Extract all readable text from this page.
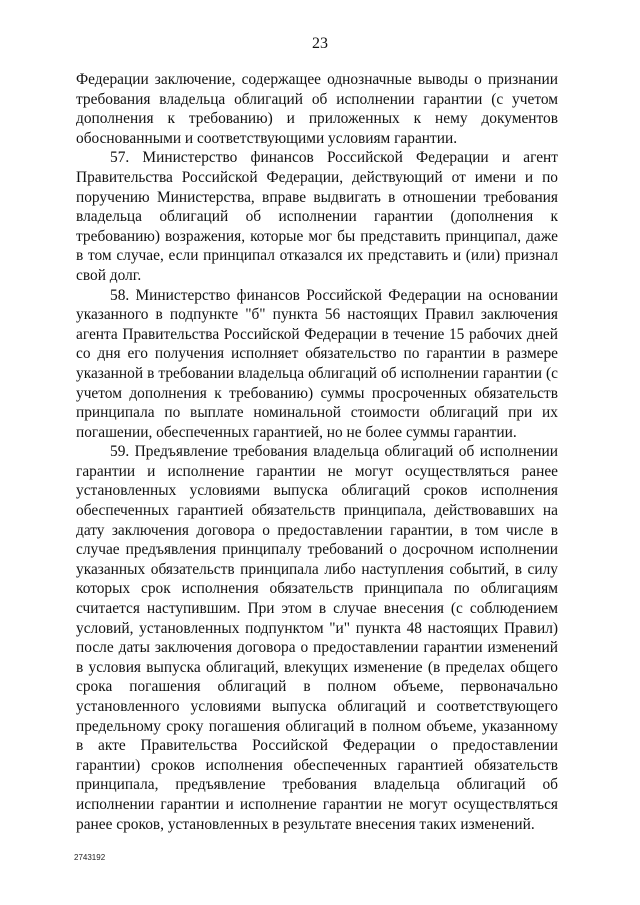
23

Федерации заключение, содержащее однозначные выводы о признании требования владельца облигаций об исполнении гарантии (с учетом дополнения к требованию) и приложенных к нему документов обоснованными и соответствующими условиям гарантии.

57. Министерство финансов Российской Федерации и агент Правительства Российской Федерации, действующий от имени и по поручению Министерства, вправе выдвигать в отношении требования владельца облигаций об исполнении гарантии (дополнения к требованию) возражения, которые мог бы представить принципал, даже в том случае, если принципал отказался их представить и (или) признал свой долг.

58. Министерство финансов Российской Федерации на основании указанного в подпункте "б" пункта 56 настоящих Правил заключения агента Правительства Российской Федерации в течение 15 рабочих дней со дня его получения исполняет обязательство по гарантии в размере указанной в требовании владельца облигаций об исполнении гарантии (с учетом дополнения к требованию) суммы просроченных обязательств принципала по выплате номинальной стоимости облигаций при их погашении, обеспеченных гарантией, но не более суммы гарантии.

59. Предъявление требования владельца облигаций об исполнении гарантии и исполнение гарантии не могут осуществляться ранее установленных условиями выпуска облигаций сроков исполнения обеспеченных гарантией обязательств принципала, действовавших на дату заключения договора о предоставлении гарантии, в том числе в случае предъявления принципалу требований о досрочном исполнении указанных обязательств принципала либо наступления событий, в силу которых срок исполнения обязательств принципала по облигациям считается наступившим. При этом в случае внесения (с соблюдением условий, установленных подпунктом "и" пункта 48 настоящих Правил) после даты заключения договора о предоставлении гарантии изменений в условия выпуска облигаций, влекущих изменение (в пределах общего срока погашения облигаций в полном объеме, первоначально установленного условиями выпуска облигаций и соответствующего предельному сроку погашения облигаций в полном объеме, указанному в акте Правительства Российской Федерации о предоставлении гарантии) сроков исполнения обеспеченных гарантией обязательств принципала, предъявление требования владельца облигаций об исполнении гарантии и исполнение гарантии не могут осуществляться ранее сроков, установленных в результате внесения таких изменений.

2743192
